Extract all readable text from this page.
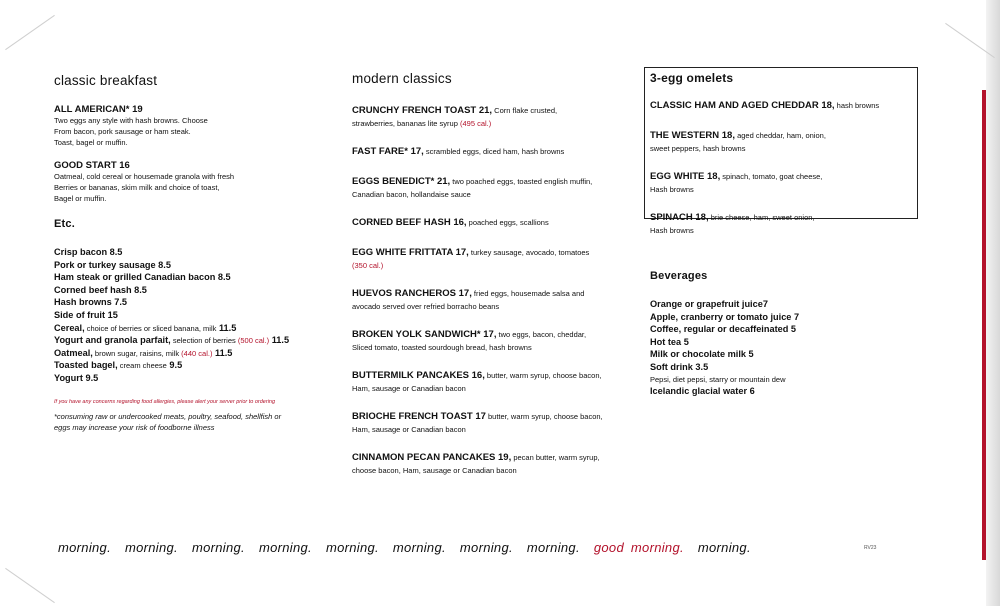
classic breakfast
ALL AMERICAN* 19
Two eggs any style with hash browns. Choose
From bacon, pork sausage or ham steak.
Toast, bagel or muffin.
GOOD START 16
Oatmeal, cold cereal or housemade granola with fresh
Berries or bananas, skim milk and choice of toast,
Bagel or muffin.
Etc.
Crisp bacon 8.5
Pork or turkey sausage 8.5
Ham steak or grilled Canadian bacon 8.5
Corned beef hash 8.5
Hash browns 7.5
Side of fruit 15
Cereal, choice of berries or sliced banana, milk 11.5
Yogurt and granola parfait, selection of berries (500 cal.) 11.5
Oatmeal, brown sugar, raisins, milk (440 cal.) 11.5
Toasted bagel, cream cheese 9.5
Yogurt 9.5
If you have any concerns regarding food allergies, please alert your server prior to ordering
*consuming raw or undercooked meats, poultry, seafood, shellfish or
eggs may increase your risk of foodborne illness
modern classics
CRUNCHY FRENCH TOAST 21, Corn flake crusted,
strawberries, bananas lite syrup (495 cal.)
FAST FARE* 17, scrambled eggs, diced ham, hash browns
EGGS BENEDICT* 21, two poached eggs, toasted english muffin,
Canadian bacon, hollandaise sauce
CORNED BEEF HASH 16, poached eggs, scallions
EGG WHITE FRITTATA 17, turkey sausage, avocado, tomatoes
(350 cal.)
HUEVOS RANCHEROS 17, fried eggs, housemade salsa and
avocado served over refried borracho beans
BROKEN YOLK SANDWICH* 17, two eggs, bacon, cheddar,
Sliced tomato, toasted sourdough bread, hash browns
BUTTERMILK PANCAKES 16, butter, warm syrup, choose bacon,
Ham, sausage or Canadian bacon
BRIOCHE FRENCH TOAST 17 butter, warm syrup, choose bacon,
Ham, sausage or Canadian bacon
CINNAMON PECAN PANCAKES 19, pecan butter, warm syrup,
choose bacon, Ham, sausage or Canadian bacon
3-egg omelets
CLASSIC HAM AND AGED CHEDDAR 18, hash browns
THE WESTERN 18, aged cheddar, ham, onion,
sweet peppers, hash browns
EGG WHITE 18, spinach, tomato, goat cheese,
Hash browns
SPINACH 18, brie cheese, ham, sweet onion,
Hash browns
Beverages
Orange or grapefruit juice7
Apple, cranberry or tomato juice 7
Coffee, regular or decaffeinated 5
Hot tea 5
Milk or chocolate milk 5
Soft drink 3.5
Pepsi, diet pepsi, starry or mountain dew
Icelandic glacial water 6
morning. morning. morning. morning. morning. morning. morning. morning. good morning. morning.	RV23
